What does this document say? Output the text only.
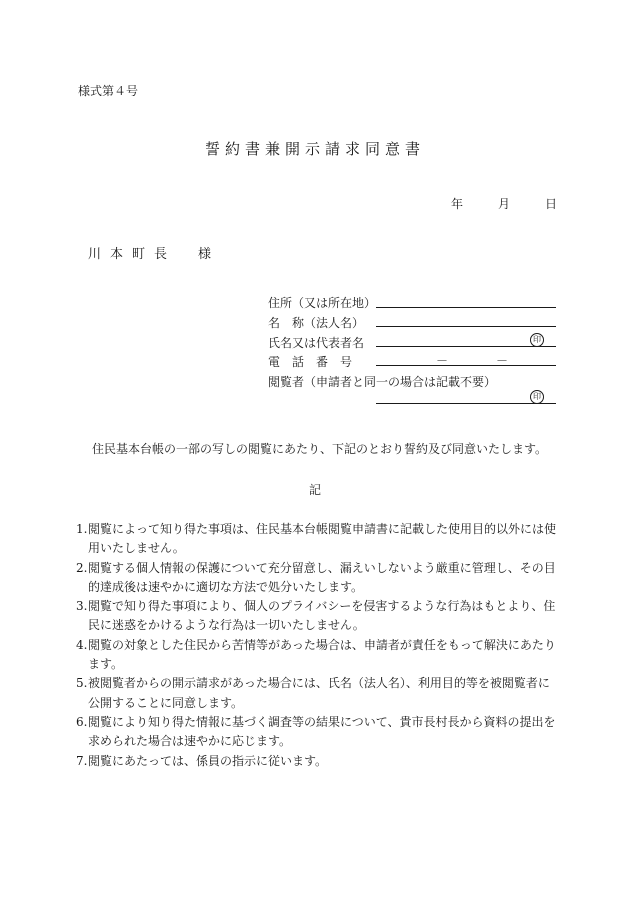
様式第４号
誓約書兼開示請求同意書
年	月	日
川本町長　様
住所（又は所在地）
名　称（法人名）
氏名又は代表者名	印
電　話　番　号	－	－
閲覧者（申請者と同一の場合は記載不要）
印
住民基本台帳の一部の写しの閲覧にあたり、下記のとおり誓約及び同意いたします。
記
1.閲覧によって知り得た事項は、住民基本台帳閲覧申請書に記載した使用目的以外には使用いたしません。
2.閲覧する個人情報の保護について充分留意し、漏えいしないよう厳重に管理し、その目的達成後は速やかに適切な方法で処分いたします。
3.閲覧で知り得た事項により、個人のプライバシーを侵害するような行為はもとより、住民に迷惑をかけるような行為は一切いたしません。
4.閲覧の対象とした住民から苦情等があった場合は、申請者が責任をもって解決にあたります。
5.被閲覧者からの開示請求があった場合には、氏名（法人名）、利用目的等を被閲覧者に公開することに同意します。
6.閲覧により知り得た情報に基づく調査等の結果について、貴市長村長から資料の提出を求められた場合は速やかに応じます。
7.閲覧にあたっては、係員の指示に従います。
